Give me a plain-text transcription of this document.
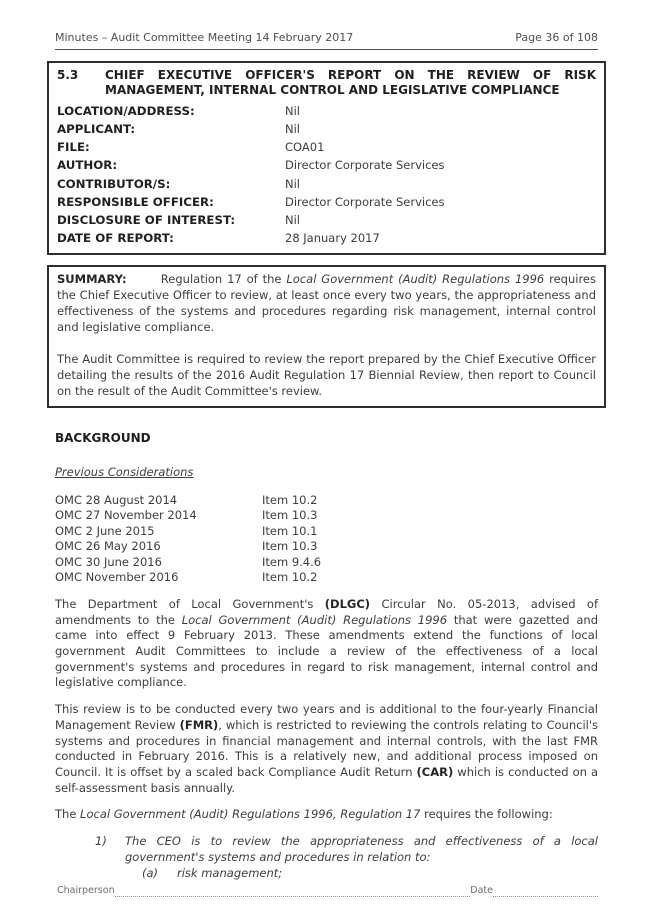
Minutes – Audit Committee Meeting 14 February 2017	Page 36 of 108
5.3	CHIEF EXECUTIVE OFFICER'S REPORT ON THE REVIEW OF RISK MANAGEMENT, INTERNAL CONTROL AND LEGISLATIVE COMPLIANCE
LOCATION/ADDRESS:	Nil
APPLICANT:	Nil
FILE:	COA01
AUTHOR:	Director Corporate Services
CONTRIBUTOR/S:	Nil
RESPONSIBLE OFFICER:	Director Corporate Services
DISCLOSURE OF INTEREST:	Nil
DATE OF REPORT:	28 January 2017
SUMMARY:       Regulation 17 of the Local Government (Audit) Regulations 1996 requires the Chief Executive Officer to review, at least once every two years, the appropriateness and effectiveness of the systems and procedures regarding risk management, internal control and legislative compliance.
The Audit Committee is required to review the report prepared by the Chief Executive Officer detailing the results of the 2016 Audit Regulation 17 Biennial Review, then report to Council on the result of the Audit Committee's review.
BACKGROUND
Previous Considerations
OMC 28 August 2014	Item 10.2
OMC 27 November 2014	Item 10.3
OMC 2 June 2015	Item 10.1
OMC 26 May 2016	Item 10.3
OMC 30 June 2016	Item 9.4.6
OMC November 2016	Item 10.2
The Department of Local Government's (DLGC) Circular No. 05-2013, advised of amendments to the Local Government (Audit) Regulations 1996 that were gazetted and came into effect 9 February 2013. These amendments extend the functions of local government Audit Committees to include a review of the effectiveness of a local government's systems and procedures in regard to risk management, internal control and legislative compliance.
This review is to be conducted every two years and is additional to the four-yearly Financial Management Review (FMR), which is restricted to reviewing the controls relating to Council's systems and procedures in financial management and internal controls, with the last FMR conducted in February 2016. This is a relatively new, and additional process imposed on Council. It is offset by a scaled back Compliance Audit Return (CAR) which is conducted on a self-assessment basis annually.
The Local Government (Audit) Regulations 1996, Regulation 17 requires the following:
1)	The CEO is to review the appropriateness and effectiveness of a local government's systems and procedures in relation to:
(a)	risk management;
Chairperson	Date
